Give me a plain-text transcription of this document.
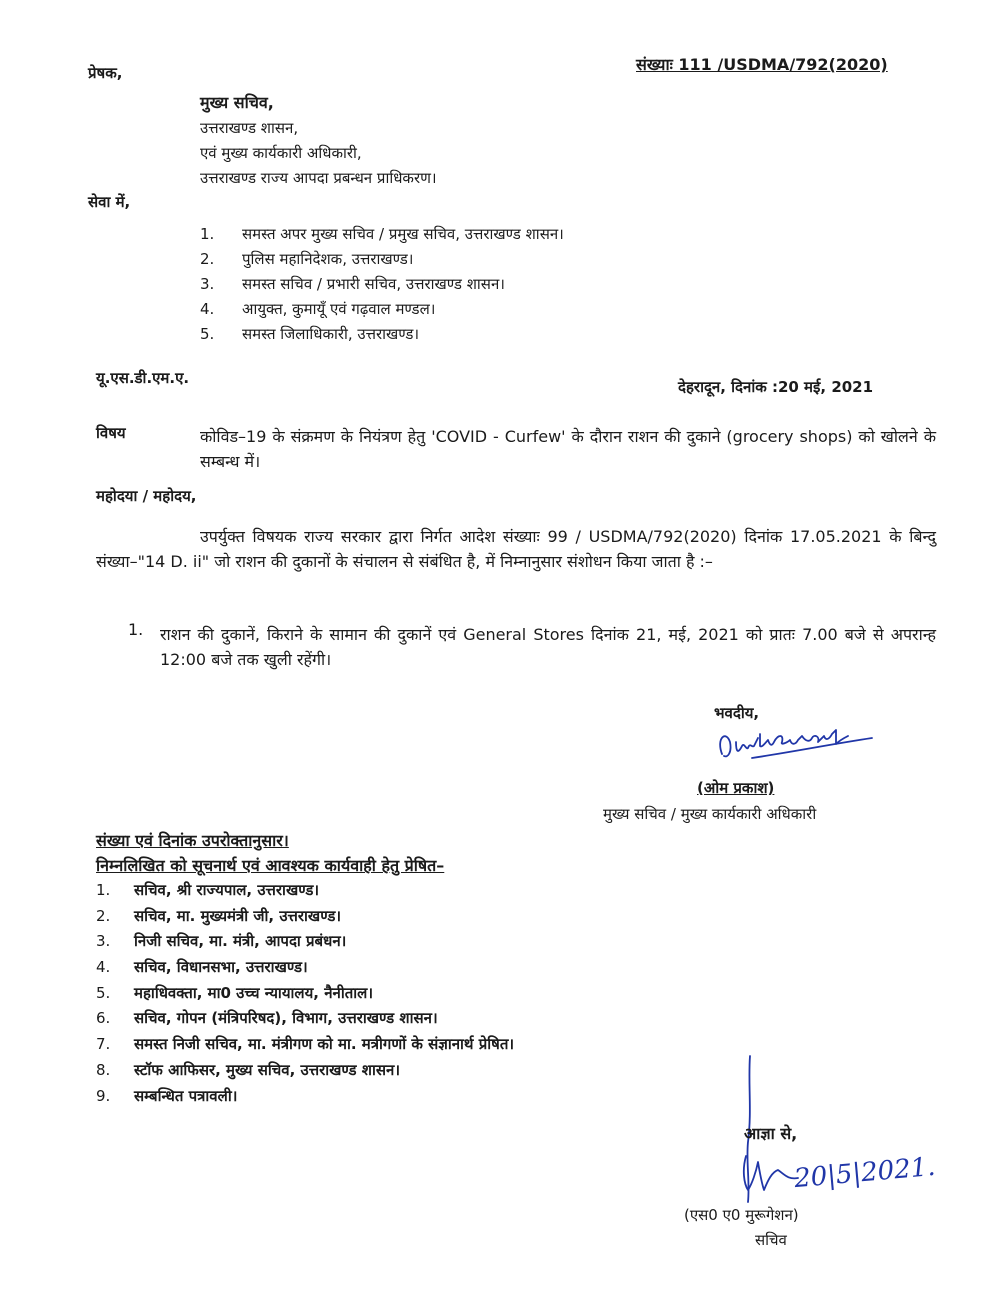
प्रेषक,	संख्याः 111 /USDMA/792(2020)
मुख्य सचिव,
उत्तराखण्ड शासन,
एवं मुख्य कार्यकारी अधिकारी,
उत्तराखण्ड राज्य आपदा प्रबन्धन प्राधिकरण।
सेवा में,
1. समस्त अपर मुख्य सचिव / प्रमुख सचिव, उत्तराखण्ड शासन।
2. पुलिस महानिदेशक, उत्तराखण्ड।
3. समस्त सचिव / प्रभारी सचिव, उत्तराखण्ड शासन।
4. आयुक्त, कुमायूँ एवं गढ़वाल मण्डल।
5. समस्त जिलाधिकारी, उत्तराखण्ड।
यू.एस.डी.एम.ए.	देहरादून, दिनांक :20 मई, 2021
विषय	कोविड–19 के संक्रमण के नियंत्रण हेतु 'COVID - Curfew' के दौरान राशन की दुकाने (grocery shops) को खोलने के सम्बन्ध में।
महोदया / महोदय,
उपर्युक्त विषयक राज्य सरकार द्वारा निर्गत आदेश संख्याः 99 / USDMA/792(2020) दिनांक 17.05.2021 के बिन्दु संख्या–"14 D. ii" जो राशन की दुकानों के संचालन से संबंधित है, में निम्नानुसार संशोधन किया जाता है :–
1. राशन की दुकानें, किराने के सामान की दुकानें एवं General Stores दिनांक 21, मई, 2021 को प्रातः 7.00 बजे से अपरान्ह 12:00 बजे तक खुली रहेंगी।
भवदीय,
(ओम प्रकाश)
मुख्य सचिव / मुख्य कार्यकारी अधिकारी
संख्या एवं दिनांक उपरोक्तानुसार।
निम्नलिखित को सूचनार्थ एवं आवश्यक कार्यवाही हेतु प्रेषित–
1. सचिव, श्री राज्यपाल, उत्तराखण्ड।
2. सचिव, मा. मुख्यमंत्री जी, उत्तराखण्ड।
3. निजी सचिव, मा. मंत्री, आपदा प्रबंधन।
4. सचिव, विधानसभा, उत्तराखण्ड।
5. महाधिवक्ता, मा0 उच्च न्यायालय, नैनीताल।
6. सचिव, गोपन (मंत्रिपरिषद), विभाग, उत्तराखण्ड शासन।
7. समस्त निजी सचिव, मा. मंत्रीगण को मा. मत्रीगणों के संज्ञानार्थ प्रेषित।
8. स्टॉफ आफिसर, मुख्य सचिव, उत्तराखण्ड शासन।
9. सम्बन्धित पत्रावली।
आज्ञा से,
20|5|2021.
(एस0 ए0 मुरूगेशन)
सचिव
